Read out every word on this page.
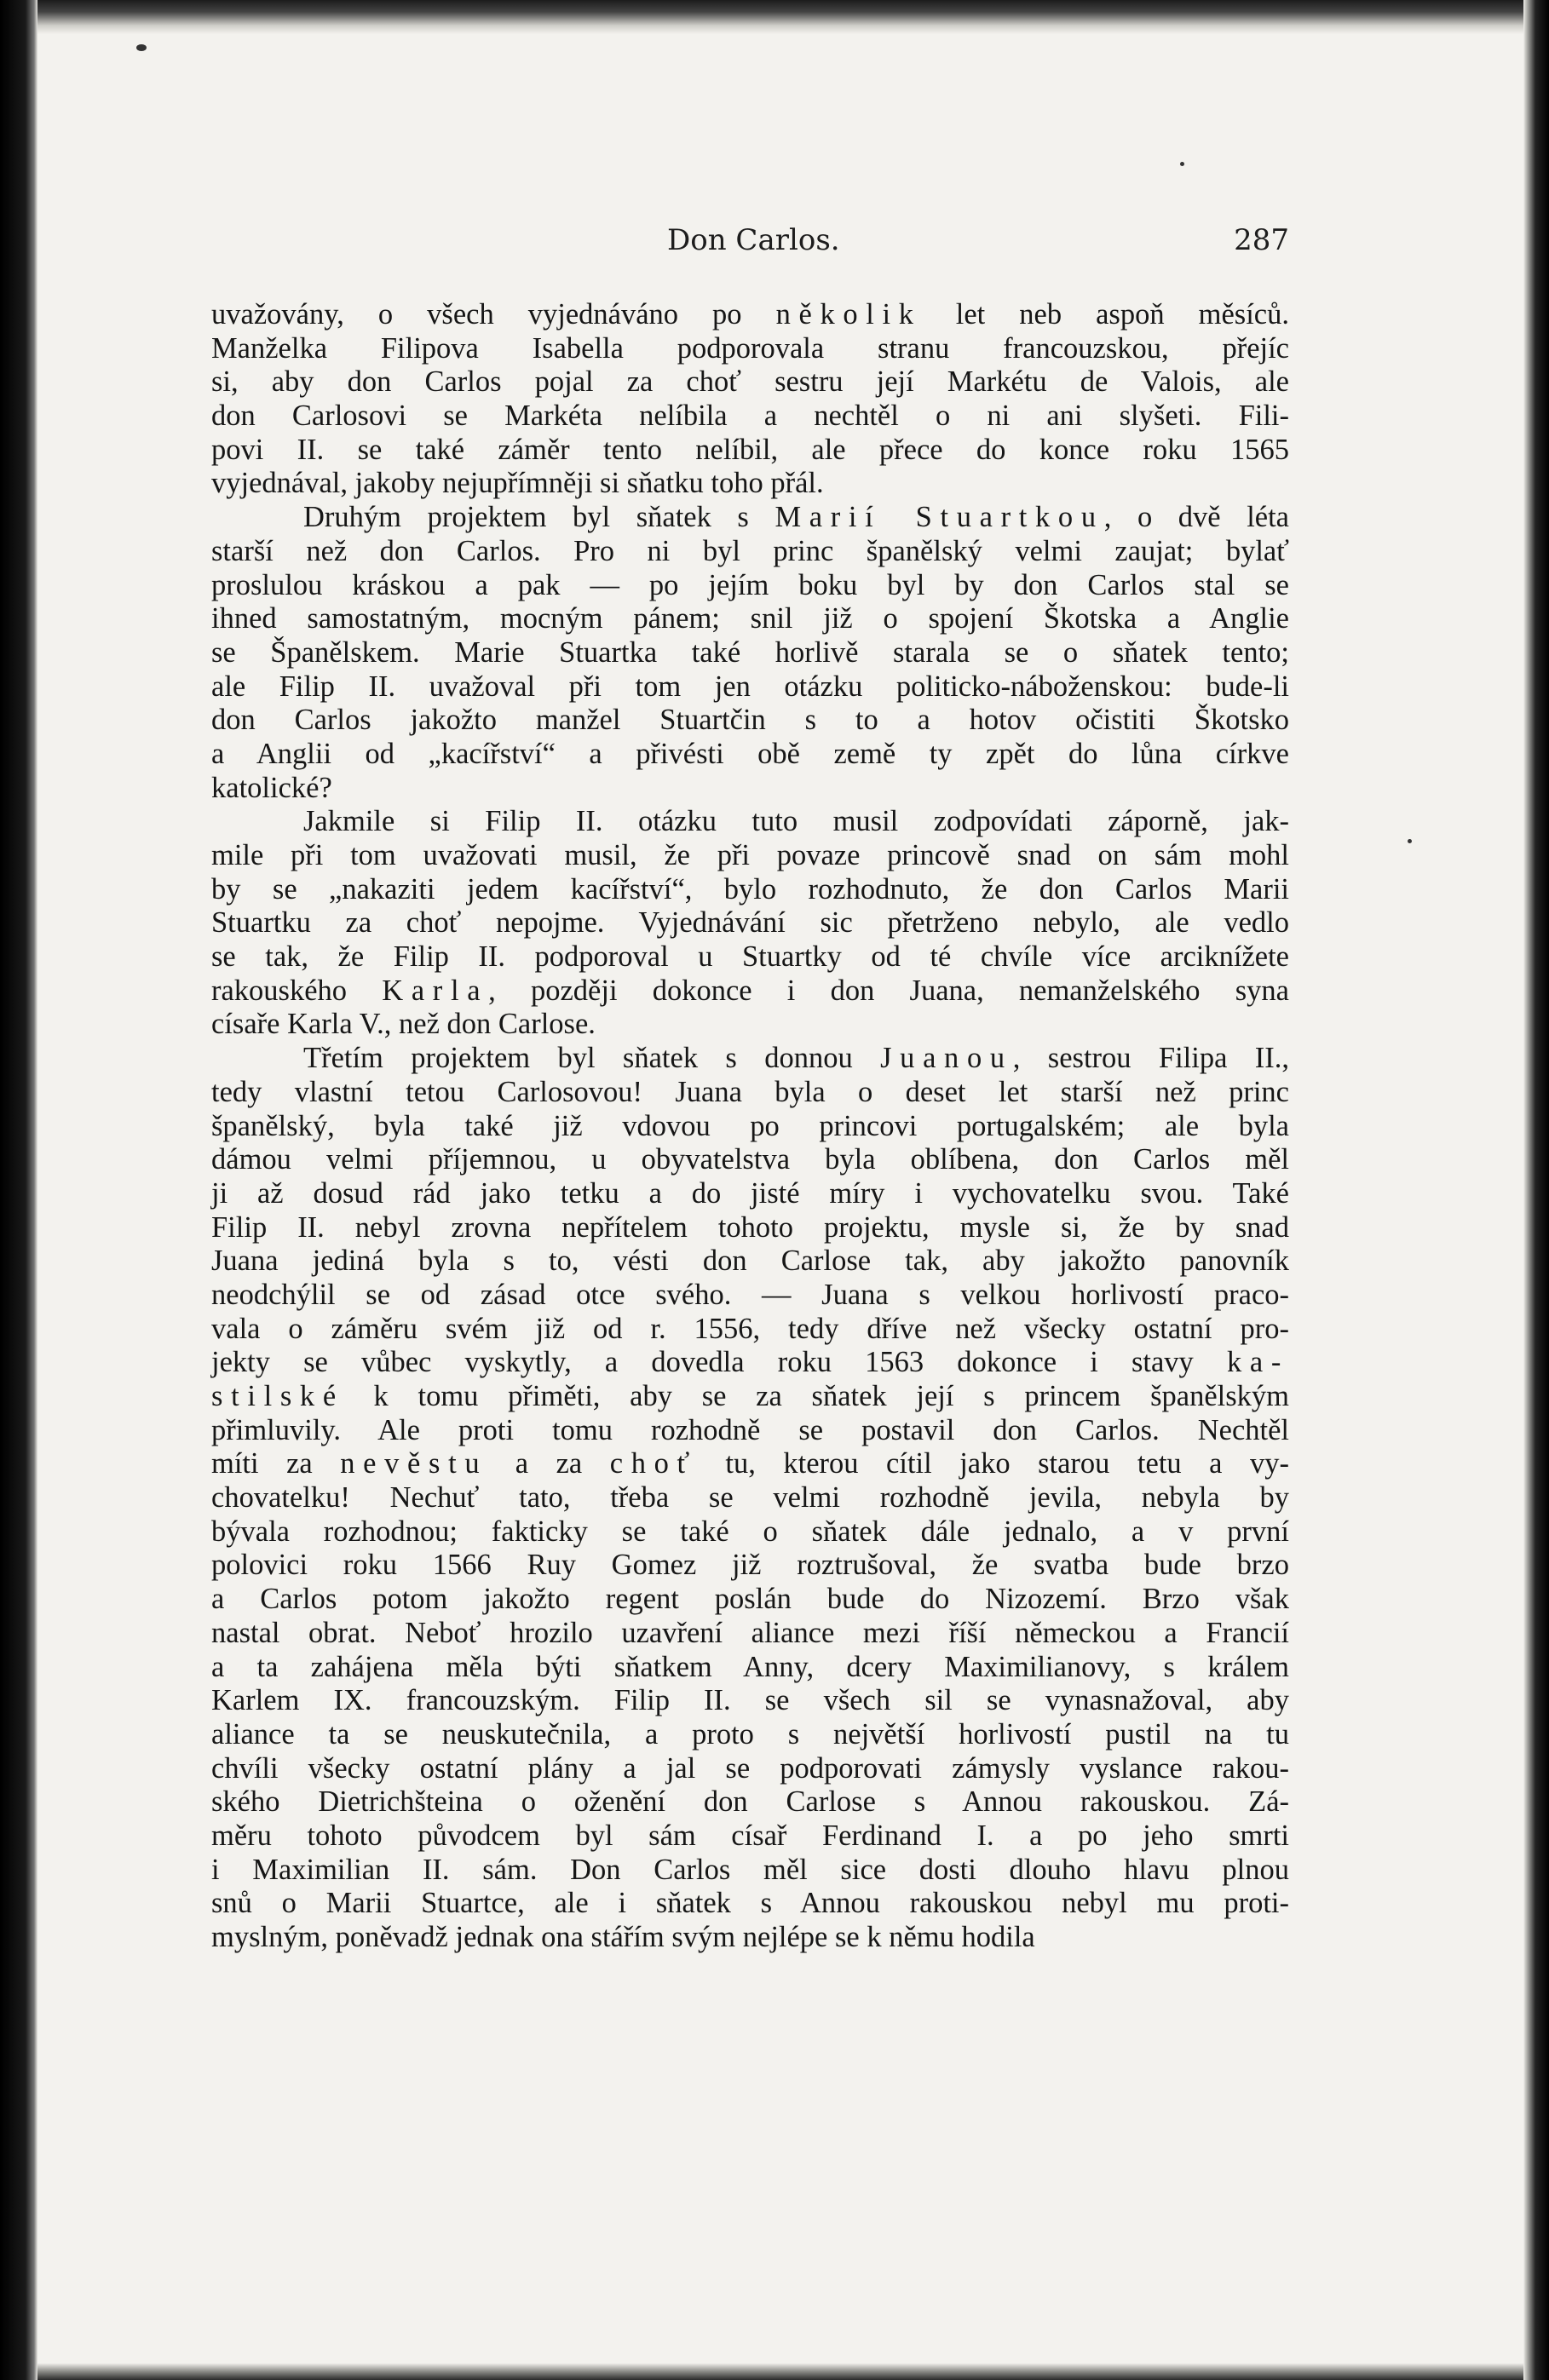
Don Carlos.	287
uvažovány, o všech vyjednáváno po několik let neb aspoň měsíců.
Manželka Filipova Isabella podporovala stranu francouzskou, přejíc
si, aby don Carlos pojal za choť sestru její Markétu de Valois, ale
don Carlosovi se Markéta nelíbila a nechtěl o ni ani slyšeti. Fili-
povi II. se také záměr tento nelíbil, ale přece do konce roku 1565
vyjednával, jakoby nejupřímněji si sňatku toho přál.
Druhým projektem byl sňatek s Marií Stuartkou, o dvě léta
starší než don Carlos. Pro ni byl princ španělský velmi zaujat; bylať
proslulou kráskou a pak — po jejím boku byl by don Carlos stal se
ihned samostatným, mocným pánem; snil již o spojení Škotska a Anglie
se Španělskem. Marie Stuartka také horlivě starala se o sňatek tento;
ale Filip II. uvažoval při tom jen otázku politicko-náboženskou: bude-li
don Carlos jakožto manžel Stuartčin s to a hotov očistiti Škotsko
a Anglii od „kacířství“ a přivésti obě země ty zpět do lůna církve
katolické?
Jakmile si Filip II. otázku tuto musil zodpovídati záporně, jak-
mile při tom uvažovati musil, že při povaze princově snad on sám mohl
by se „nakaziti jedem kacířství“, bylo rozhodnuto, že don Carlos Marii
Stuartku za choť nepojme. Vyjednávání sic přetrženo nebylo, ale vedlo
se tak, že Filip II. podporoval u Stuartky od té chvíle více arciknížete
rakouského Karla, později dokonce i don Juana, nemanželského syna
císaře Karla V., než don Carlose.
Třetím projektem byl sňatek s donnou Juanou, sestrou Filipa II.,
tedy vlastní tetou Carlosovou! Juana byla o deset let starší než princ
španělský, byla také již vdovou po princovi portugalském; ale byla
dámou velmi příjemnou, u obyvatelstva byla oblíbena, don Carlos měl
ji až dosud rád jako tetku a do jisté míry i vychovatelku svou. Také
Filip II. nebyl zrovna nepřítelem tohoto projektu, mysle si, že by snad
Juana jediná byla s to, vésti don Carlose tak, aby jakožto panovník
neodchýlil se od zásad otce svého. — Juana s velkou horlivostí praco-
vala o záměru svém již od r. 1556, tedy dříve než všecky ostatní pro-
jekty se vůbec vyskytly, a dovedla roku 1563 dokonce i stavy ka-
stilské k tomu přiměti, aby se za sňatek její s princem španělským
přimluvily. Ale proti tomu rozhodně se postavil don Carlos. Nechtěl
míti za nevěstu a za choť tu, kterou cítil jako starou tetu a vy-
chovatelku! Nechuť tato, třeba se velmi rozhodně jevila, nebyla by
bývala rozhodnou; fakticky se také o sňatek dále jednalo, a v první
polovici roku 1566 Ruy Gomez již roztrušoval, že svatba bude brzo
a Carlos potom jakožto regent poslán bude do Nizozemí. Brzo však
nastal obrat. Neboť hrozilo uzavření aliance mezi říší německou a Francií
a ta zahájena měla býti sňatkem Anny, dcery Maximilianovy, s králem
Karlem IX. francouzským. Filip II. se všech sil se vynasnažoval, aby
aliance ta se neuskutečnila, a proto s největší horlivostí pustil na tu
chvíli všecky ostatní plány a jal se podporovati zámysly vyslance rakou-
ského Dietrichšteina o oženění don Carlose s Annou rakouskou. Zá-
měru tohoto původcem byl sám císař Ferdinand I. a po jeho smrti
i Maximilian II. sám. Don Carlos měl sice dosti dlouho hlavu plnou
snů o Marii Stuartce, ale i sňatek s Annou rakouskou nebyl mu proti-
myslným, poněvadž jednak ona stářím svým nejlépe se k němu hodila
